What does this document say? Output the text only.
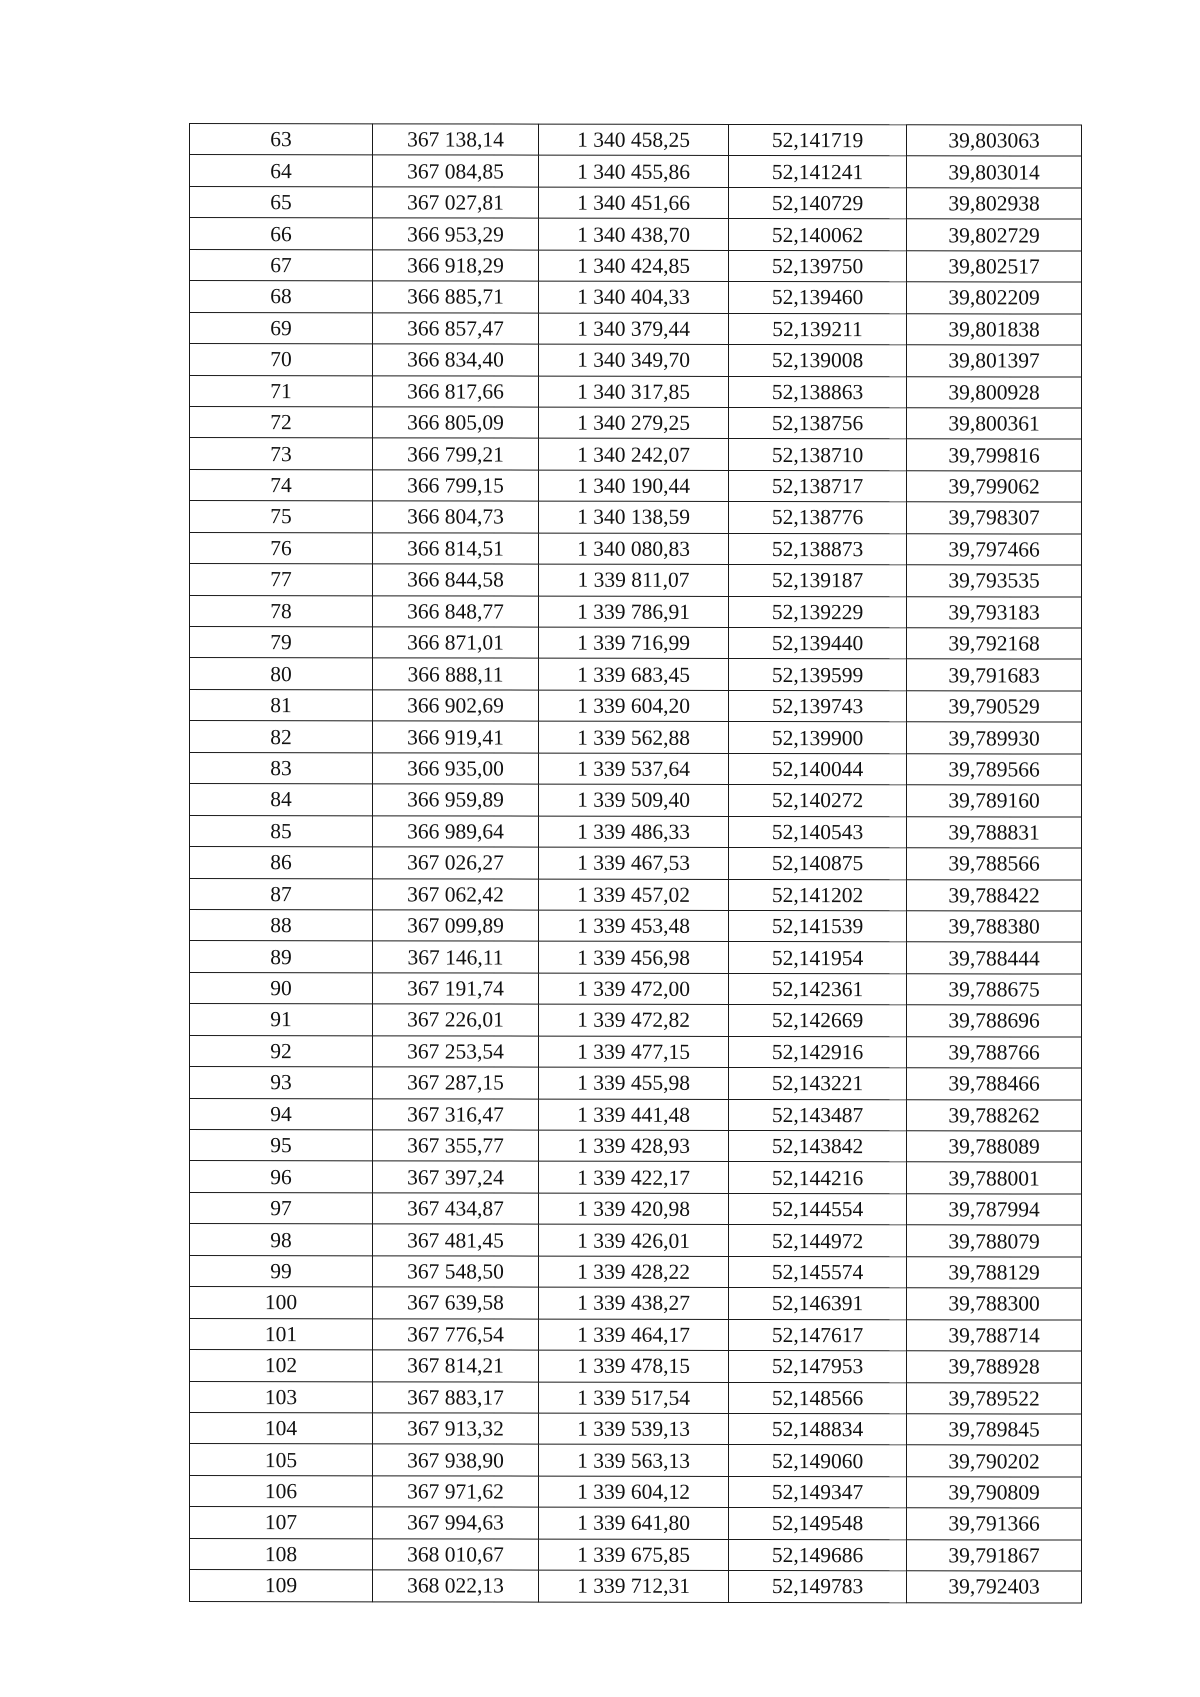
63	367 138,14	1 340 458,25	52,141719	39,803063
64	367 084,85	1 340 455,86	52,141241	39,803014
65	367 027,81	1 340 451,66	52,140729	39,802938
66	366 953,29	1 340 438,70	52,140062	39,802729
67	366 918,29	1 340 424,85	52,139750	39,802517
68	366 885,71	1 340 404,33	52,139460	39,802209
69	366 857,47	1 340 379,44	52,139211	39,801838
70	366 834,40	1 340 349,70	52,139008	39,801397
71	366 817,66	1 340 317,85	52,138863	39,800928
72	366 805,09	1 340 279,25	52,138756	39,800361
73	366 799,21	1 340 242,07	52,138710	39,799816
74	366 799,15	1 340 190,44	52,138717	39,799062
75	366 804,73	1 340 138,59	52,138776	39,798307
76	366 814,51	1 340 080,83	52,138873	39,797466
77	366 844,58	1 339 811,07	52,139187	39,793535
78	366 848,77	1 339 786,91	52,139229	39,793183
79	366 871,01	1 339 716,99	52,139440	39,792168
80	366 888,11	1 339 683,45	52,139599	39,791683
81	366 902,69	1 339 604,20	52,139743	39,790529
82	366 919,41	1 339 562,88	52,139900	39,789930
83	366 935,00	1 339 537,64	52,140044	39,789566
84	366 959,89	1 339 509,40	52,140272	39,789160
85	366 989,64	1 339 486,33	52,140543	39,788831
86	367 026,27	1 339 467,53	52,140875	39,788566
87	367 062,42	1 339 457,02	52,141202	39,788422
88	367 099,89	1 339 453,48	52,141539	39,788380
89	367 146,11	1 339 456,98	52,141954	39,788444
90	367 191,74	1 339 472,00	52,142361	39,788675
91	367 226,01	1 339 472,82	52,142669	39,788696
92	367 253,54	1 339 477,15	52,142916	39,788766
93	367 287,15	1 339 455,98	52,143221	39,788466
94	367 316,47	1 339 441,48	52,143487	39,788262
95	367 355,77	1 339 428,93	52,143842	39,788089
96	367 397,24	1 339 422,17	52,144216	39,788001
97	367 434,87	1 339 420,98	52,144554	39,787994
98	367 481,45	1 339 426,01	52,144972	39,788079
99	367 548,50	1 339 428,22	52,145574	39,788129
100	367 639,58	1 339 438,27	52,146391	39,788300
101	367 776,54	1 339 464,17	52,147617	39,788714
102	367 814,21	1 339 478,15	52,147953	39,788928
103	367 883,17	1 339 517,54	52,148566	39,789522
104	367 913,32	1 339 539,13	52,148834	39,789845
105	367 938,90	1 339 563,13	52,149060	39,790202
106	367 971,62	1 339 604,12	52,149347	39,790809
107	367 994,63	1 339 641,80	52,149548	39,791366
108	368 010,67	1 339 675,85	52,149686	39,791867
109	368 022,13	1 339 712,31	52,149783	39,792403
